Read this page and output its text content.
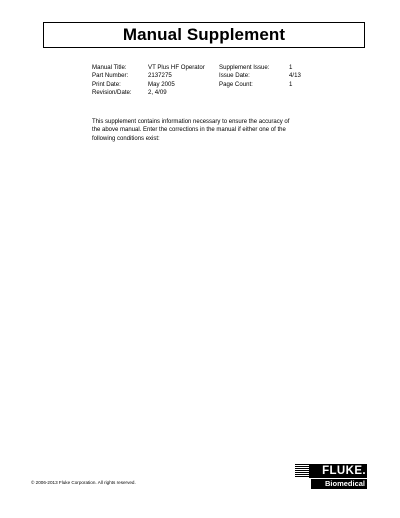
Manual Supplement
Manual Title:	VT Plus HF Operator Supplement Issue:	1
Part Number:	2137275	Issue Date:	4/13
Print Date:	May 2005	Page Count:	1
Revision/Date:	2, 4/09
This supplement contains information necessary to ensure the accuracy of
the above manual. Enter the corrections in the manual if either one of the
following conditions exist:
© 2006-2013 Fluke Corporation. All rights reserved.
FLUKE.
Biomedical
